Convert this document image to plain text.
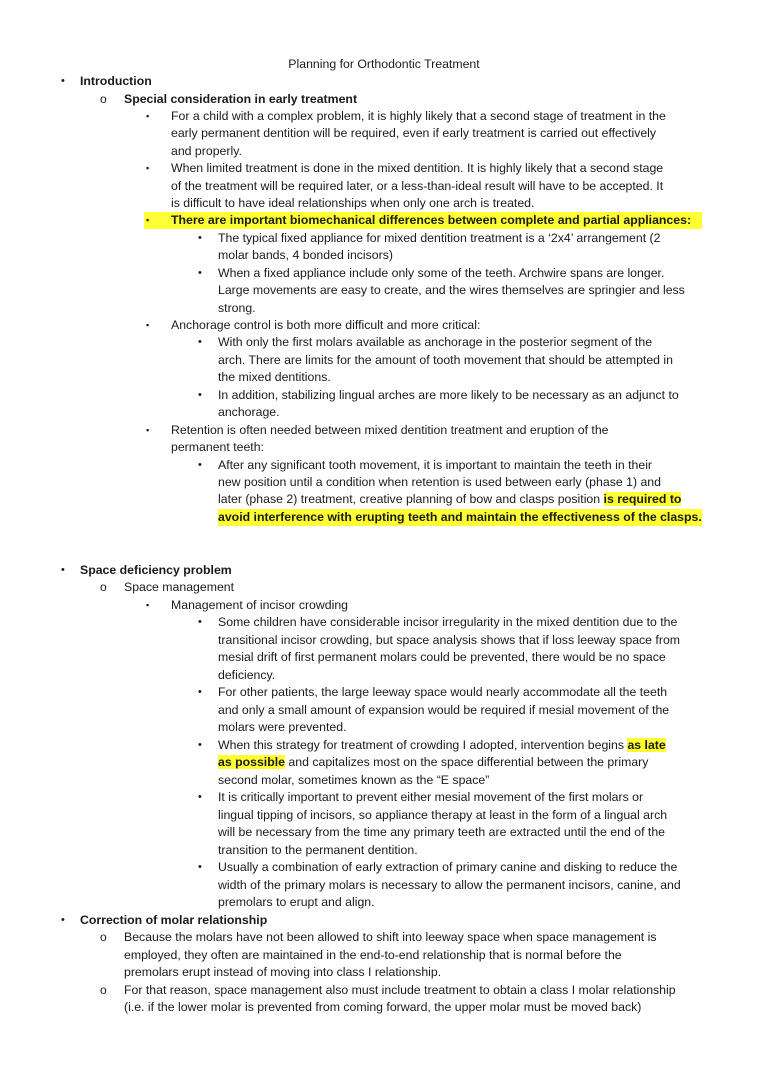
Planning for Orthodontic Treatment
• Introduction
o Special consideration in early treatment
▪ For a child with a complex problem, it is highly likely that a second stage of treatment in the
early permanent dentition will be required, even if early treatment is carried out effectively
and properly.
▪ When limited treatment is done in the mixed dentition. It is highly likely that a second stage
of the treatment will be required later, or a less-than-ideal result will have to be accepted. It
is difficult to have ideal relationships when only one arch is treated.
▪ There are important biomechanical differences between complete and partial appliances:
• The typical fixed appliance for mixed dentition treatment is a ‘2x4’ arrangement (2
molar bands, 4 bonded incisors)
• When a fixed appliance include only some of the teeth. Archwire spans are longer.
Large movements are easy to create, and the wires themselves are springier and less
strong.
▪ Anchorage control is both more difficult and more critical:
• With only the first molars available as anchorage in the posterior segment of the
arch. There are limits for the amount of tooth movement that should be attempted in
the mixed dentitions.
• In addition, stabilizing lingual arches are more likely to be necessary as an adjunct to
anchorage.
▪ Retention is often needed between mixed dentition treatment and eruption of the
permanent teeth:
• After any significant tooth movement, it is important to maintain the teeth in their
new position until a condition when retention is used between early (phase 1) and
later (phase 2) treatment, creative planning of bow and clasps position is required to
avoid interference with erupting teeth and maintain the effectiveness of the clasps.
• Space deficiency problem
o Space management
▪ Management of incisor crowding
• Some children have considerable incisor irregularity in the mixed dentition due to the
transitional incisor crowding, but space analysis shows that if loss leeway space from
mesial drift of first permanent molars could be prevented, there would be no space
deficiency.
• For other patients, the large leeway space would nearly accommodate all the teeth
and only a small amount of expansion would be required if mesial movement of the
molars were prevented.
• When this strategy for treatment of crowding I adopted, intervention begins as late
as possible and capitalizes most on the space differential between the primary
second molar, sometimes known as the “E space”
• It is critically important to prevent either mesial movement of the first molars or
lingual tipping of incisors, so appliance therapy at least in the form of a lingual arch
will be necessary from the time any primary teeth are extracted until the end of the
transition to the permanent dentition.
• Usually a combination of early extraction of primary canine and disking to reduce the
width of the primary molars is necessary to allow the permanent incisors, canine, and
premolars to erupt and align.
• Correction of molar relationship
o Because the molars have not been allowed to shift into leeway space when space management is
employed, they often are maintained in the end-to-end relationship that is normal before the
premolars erupt instead of moving into class I relationship.
o For that reason, space management also must include treatment to obtain a class I molar relationship
(i.e. if the lower molar is prevented from coming forward, the upper molar must be moved back)
